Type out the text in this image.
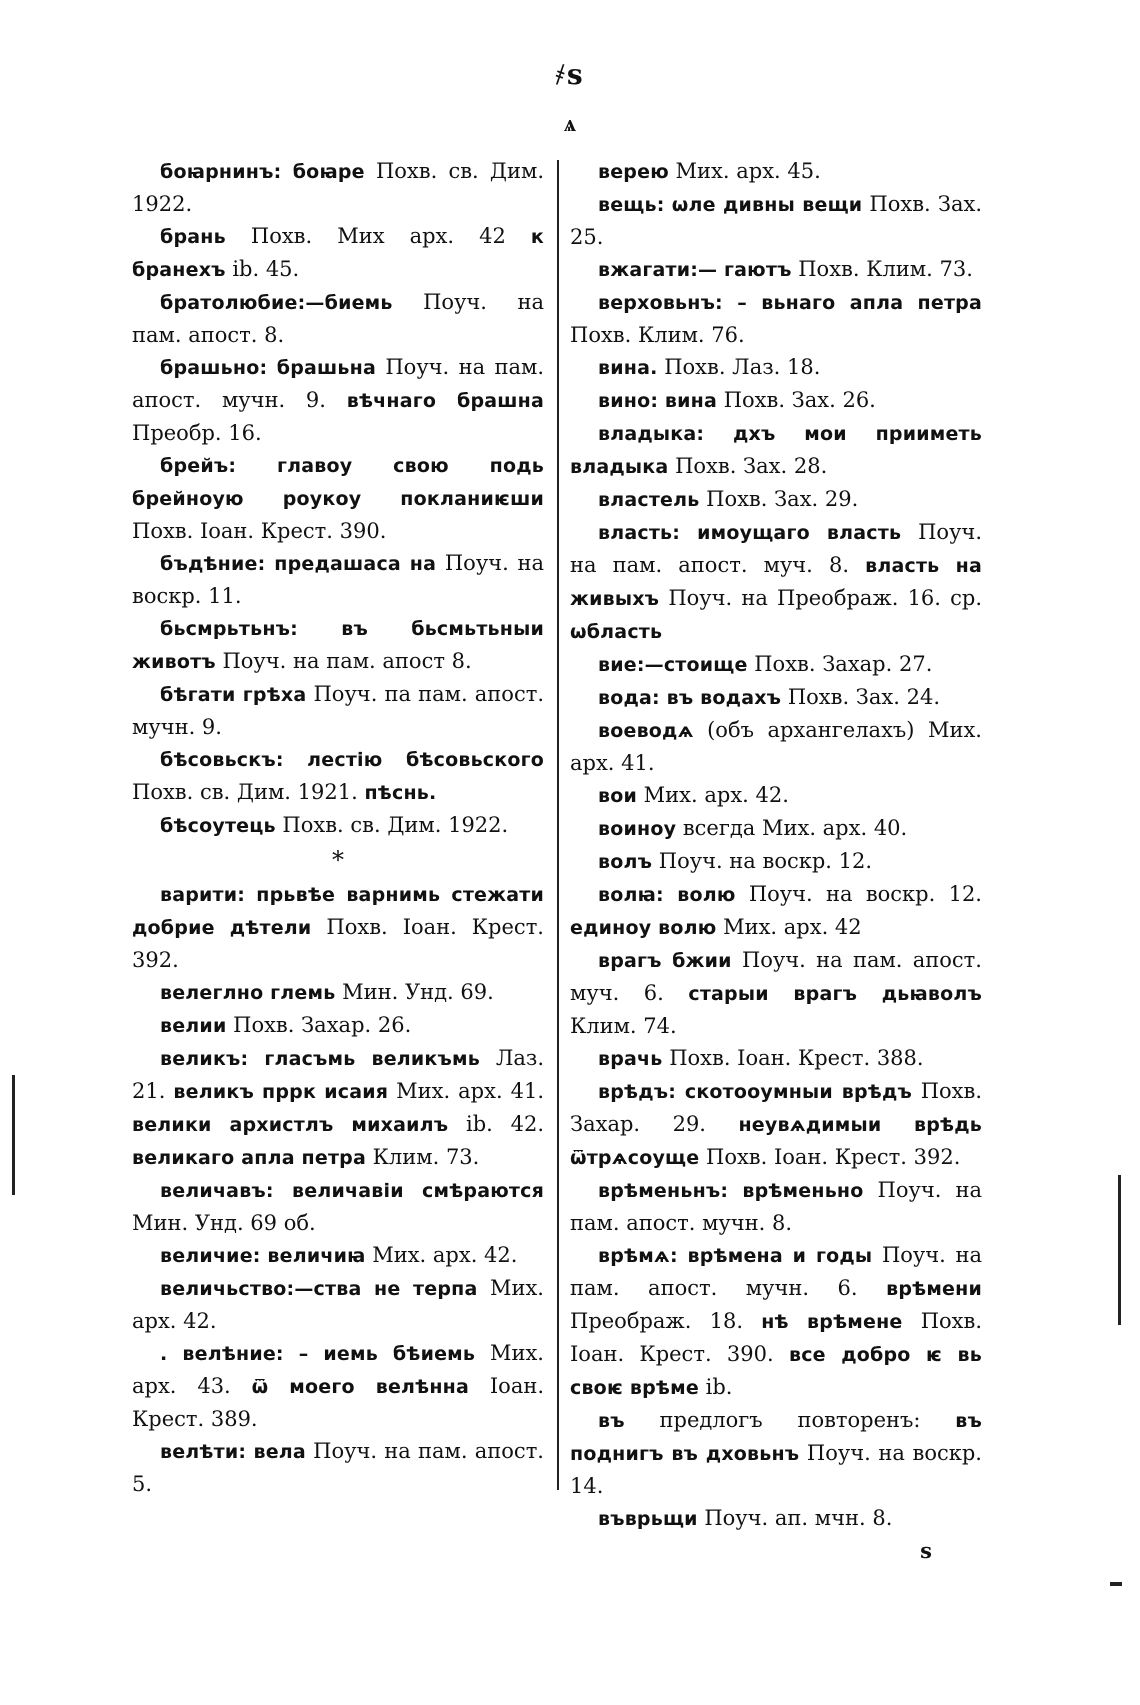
҂ѕ
ѧ

боꙗрнинъ: боꙗре Похв. св. Дим. 1922.

брань Похв. Мих арх. 42 к бранехъ ib. 45.

братолюбие:—биемь Поуч. на пам. апост. 8.

брашьно: брашьна Поуч. на пам. апост. мучн. 9. вѣчнаго брашна Преобр. 16.

брейъ: главоу свою подь брейноую роукоу покланиѥши Похв. Іоан. Крест. 390.

бъдѣние: предашаса на Поуч. на воскр. 11.

бьсмрьтьнъ: въ бьсмьтьныи животъ Поуч. на пам. апост 8.

бѣгати грѣха Поуч. па пам. апост. мучн. 9.

бѣсовьскъ: лестію бѣсовьского Похв. св. Дим. 1921. пѣснь.

бѣсоутець Похв. св. Дим. 1922.

*

варити: прьвѣе варнимь стежати добрие дѣтели Похв. Іоан. Крест. 392.

велеглно глемь Мин. Унд. 69.

велии Похв. Захар. 26.

великъ: гласъмь великъмь Лаз. 21. великъ пррк исаия Мих. арх. 41. велики архистлъ михаилъ ib. 42. великаго апла петра Клим. 73.

величавъ: величавіи смѣраются Мин. Унд. 69 об.

величие: величиꙗ Мих. арх. 42.

величьство:—ства не терпа Мих. арх. 42.

. велѣние: – иемь бѣиемь Мих. арх. 43. ѿ моего велѣнна Іоан. Крест. 389.

велѣти: вела Поуч. на пам. апост. 5.

верею Мих. арх. 45.

вещь: ѡле дивны вещи Похв. Зах. 25.

вжагати:— гаютъ Похв. Клим. 73.

верховьнъ: – вьнаго апла петра Похв. Клим. 76.

вина. Похв. Лаз. 18.

вино: вина Похв. Зах. 26.

владыка: дхъ мои прииметь владыка Похв. Зах. 28.

властель Похв. Зах. 29.

власть: имоущаго власть Поуч. на пам. апост. муч. 8. власть на живыхъ Поуч. на Преображ. 16. ср. ѡбласть

вие:—стоище Похв. Захар. 27.

вода: въ водахъ Похв. Зах. 24.

воеводѧ (объ архангелахъ) Мих. арх. 41.

вои Мих. арх. 42.

воиноу всегда Мих. арх. 40.

волъ Поуч. на воскр. 12.

волꙗ: волю Поуч. на воскр. 12. единоу волю Мих. арх. 42

врагъ бжии Поуч. на пам. апост. муч. 6. старыи врагъ дьꙗволъ Клим. 74.

врачь Похв. Іоан. Крест. 388.

врѣдъ: скотооумныи врѣдъ Похв. Захар. 29. неувѧдимыи врѣдь ѿтрѧсоуще Похв. Іоан. Крест. 392.

врѣменьнъ: врѣменьно Поуч. на пам. апост. мучн. 8.

врѣмѧ: врѣмена и годы Поуч. на пам. апост. мучн. 6. врѣмени Преображ. 18. нѣ врѣмене Похв. Іоан. Крест. 390. все добро ѥ вь своѥ врѣме ib.

въ предлогъ повторенъ: въ поднигъ въ дховьнъ Поуч. на воскр. 14.

въврьщи Поуч. ап. мчн. 8.

ѕ
